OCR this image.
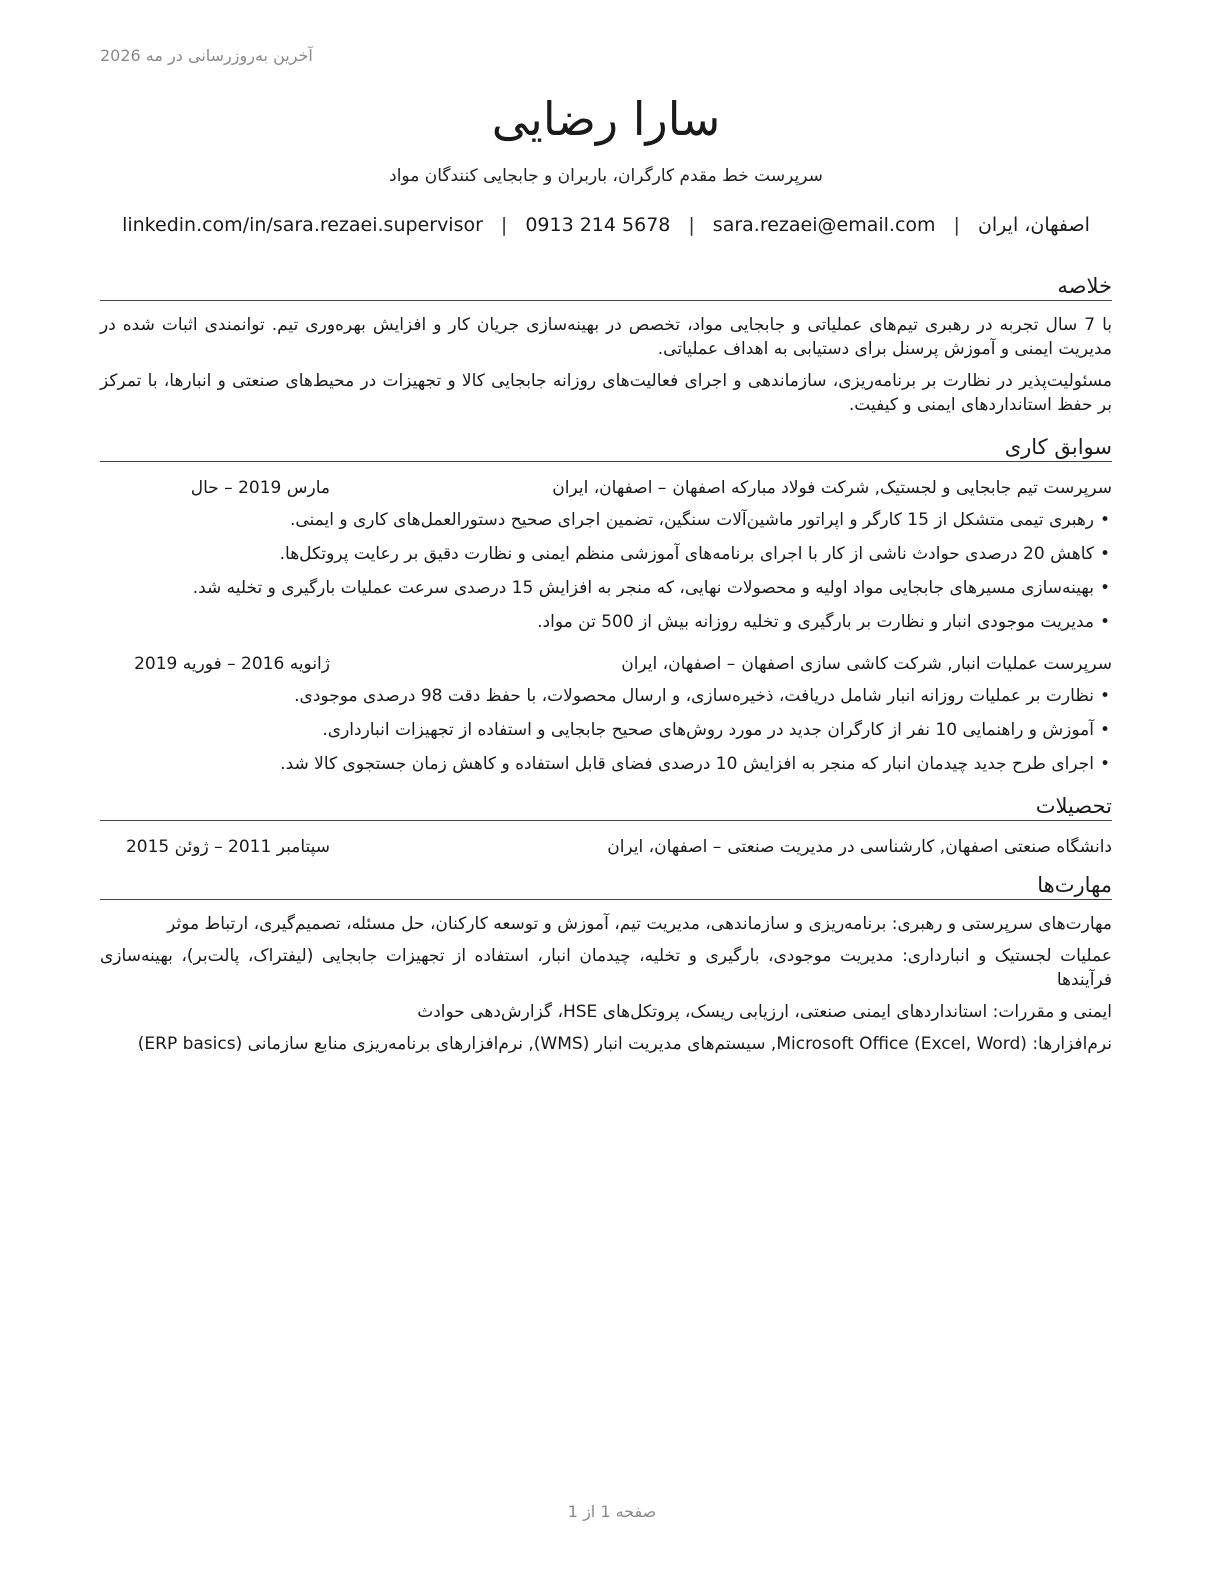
آخرین به‌روزرسانی در مه 2026
سارا رضایی
سرپرست خط مقدم کارگران، باربران و جابجایی کنندگان مواد
اصفهان، ایران
|
sara.rezaei@email.com
|
0913 214 5678
|
linkedin.com/in/sara.rezaei.supervisor
خلاصه
با 7 سال تجربه در رهبری تیم‌های عملیاتی و جابجایی مواد، تخصص در بهینه‌سازی جریان کار و افزایش بهره‌وری تیم. توانمندی اثبات شده در مدیریت ایمنی و آموزش پرسنل برای دستیابی به اهداف عملیاتی.
مسئولیت‌پذیر در نظارت بر برنامه‌ریزی، سازماندهی و اجرای فعالیت‌های روزانه جابجایی کالا و تجهیزات در محیط‌های صنعتی و انبارها، با تمرکز بر حفظ استانداردهای ایمنی و کیفیت.
سوابق کاری
سرپرست تیم جابجایی و لجستیک, شرکت فولاد مبارکه اصفهان
– اصفهان، ایران
مارس 2019 – حال
• رهبری تیمی متشکل از 15 کارگر و اپراتور ماشین‌آلات سنگین، تضمین اجرای صحیح دستورالعمل‌های کاری و ایمنی.
• کاهش 20 درصدی حوادث ناشی از کار با اجرای برنامه‌های آموزشی منظم ایمنی و نظارت دقیق بر رعایت پروتکل‌ها.
• بهینه‌سازی مسیرهای جابجایی مواد اولیه و محصولات نهایی، که منجر به افزایش 15 درصدی سرعت عملیات بارگیری و تخلیه شد.
• مدیریت موجودی انبار و نظارت بر بارگیری و تخلیه روزانه بیش از 500 تن مواد.
سرپرست عملیات انبار, شرکت کاشی سازی اصفهان
– اصفهان، ایران
ژانویه 2016 – فوریه 2019
• نظارت بر عملیات روزانه انبار شامل دریافت، ذخیره‌سازی، و ارسال محصولات، با حفظ دقت 98 درصدی موجودی.
• آموزش و راهنمایی 10 نفر از کارگران جدید در مورد روش‌های صحیح جابجایی و استفاده از تجهیزات انبارداری.
• اجرای طرح جدید چیدمان انبار که منجر به افزایش 10 درصدی فضای قابل استفاده و کاهش زمان جستجوی کالا شد.
تحصیلات
دانشگاه صنعتی اصفهان, کارشناسی در مدیریت صنعتی
– اصفهان، ایران
سپتامبر 2011 – ژوئن 2015
مهارت‌ها
مهارت‌های سرپرستی و رهبری: برنامه‌ریزی و سازماندهی، مدیریت تیم، آموزش و توسعه کارکنان، حل مسئله، تصمیم‌گیری، ارتباط موثر
عملیات لجستیک و انبارداری: مدیریت موجودی، بارگیری و تخلیه، چیدمان انبار، استفاده از تجهیزات جابجایی (لیفتراک، پالت‌بر)، بهینه‌سازی فرآیندها
ایمنی و مقررات: استانداردهای ایمنی صنعتی، ارزیابی ریسک، پروتکل‌های HSE، گزارش‌دهی حوادث
نرم‌افزارها: Microsoft Office (Excel, Word), سیستم‌های مدیریت انبار (WMS), نرم‌افزارهای برنامه‌ریزی منابع سازمانی (ERP basics)
صفحه 1 از 1
